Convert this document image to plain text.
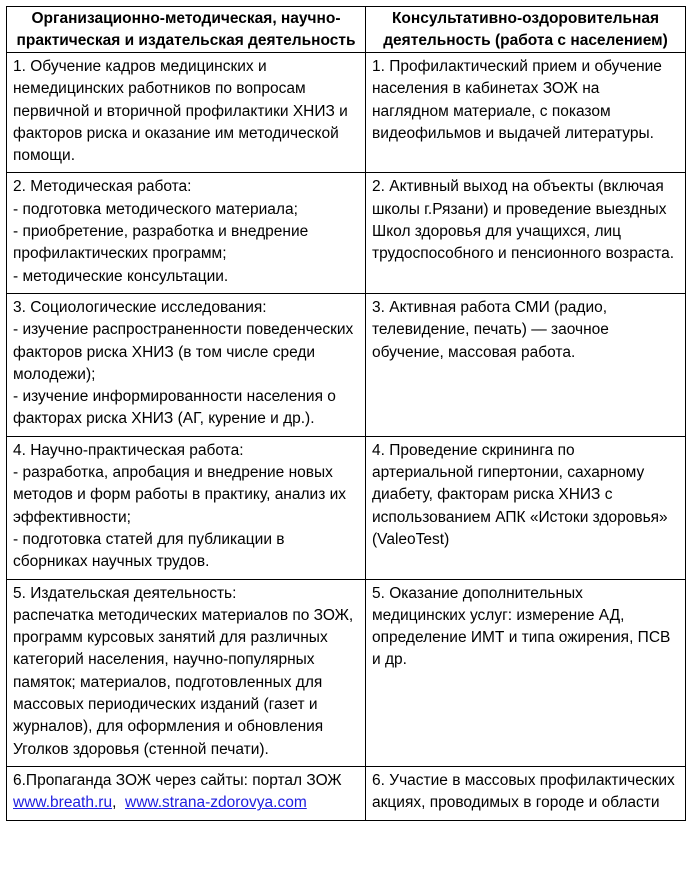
Организационно-методическая, научно-практическая и издательская деятельность	Консультативно-оздоровительная деятельность (работа с населением)

1. Обучение кадров медицинских и немедицинских работников по вопросам первичной и вторичной профилактики ХНИЗ и факторов риска и оказание им методической помощи.	1. Профилактический прием и обучение населения в кабинетах ЗОЖ на наглядном материале, с показом видеофильмов и выдачей литературы.

2. Методическая работа:
- подготовка методического материала;
- приобретение, разработка и внедрение профилактических программ;
- методические консультации.	2. Активный выход на объекты (включая школы г.Рязани) и проведение выездных Школ здоровья для учащихся, лиц трудоспособного и пенсионного возраста.

3. Социологические исследования:
- изучение распространенности поведенческих факторов риска ХНИЗ (в том числе среди молодежи);
- изучение информированности населения о факторах риска ХНИЗ (АГ, курение и др.).	3. Активная работа СМИ (радио, телевидение, печать) — заочное обучение, массовая работа.

4. Научно-практическая работа:
- разработка, апробация и внедрение новых методов и форм работы в практику, анализ их эффективности;
- подготовка статей для публикации в сборниках научных трудов.	4. Проведение скрининга по артериальной гипертонии, сахарному диабету, факторам риска ХНИЗ с использованием АПК «Истоки здоровья» (ValeoTest)

5. Издательская деятельность:
распечатка методических материалов по ЗОЖ, программ курсовых занятий для различных категорий населения, научно-популярных памяток; материалов, подготовленных для массовых периодических изданий (газет и журналов), для оформления и обновления Уголков здоровья (стенной печати).	5. Оказание дополнительных медицинских услуг: измерение АД, определение ИМТ и типа ожирения, ПСВ и др.

6.Пропаганда ЗОЖ через сайты: портал ЗОЖ
www.breath.ru,  www.strana-zdorovya.com	6. Участие в массовых профилактических акциях, проводимых в городе и области
